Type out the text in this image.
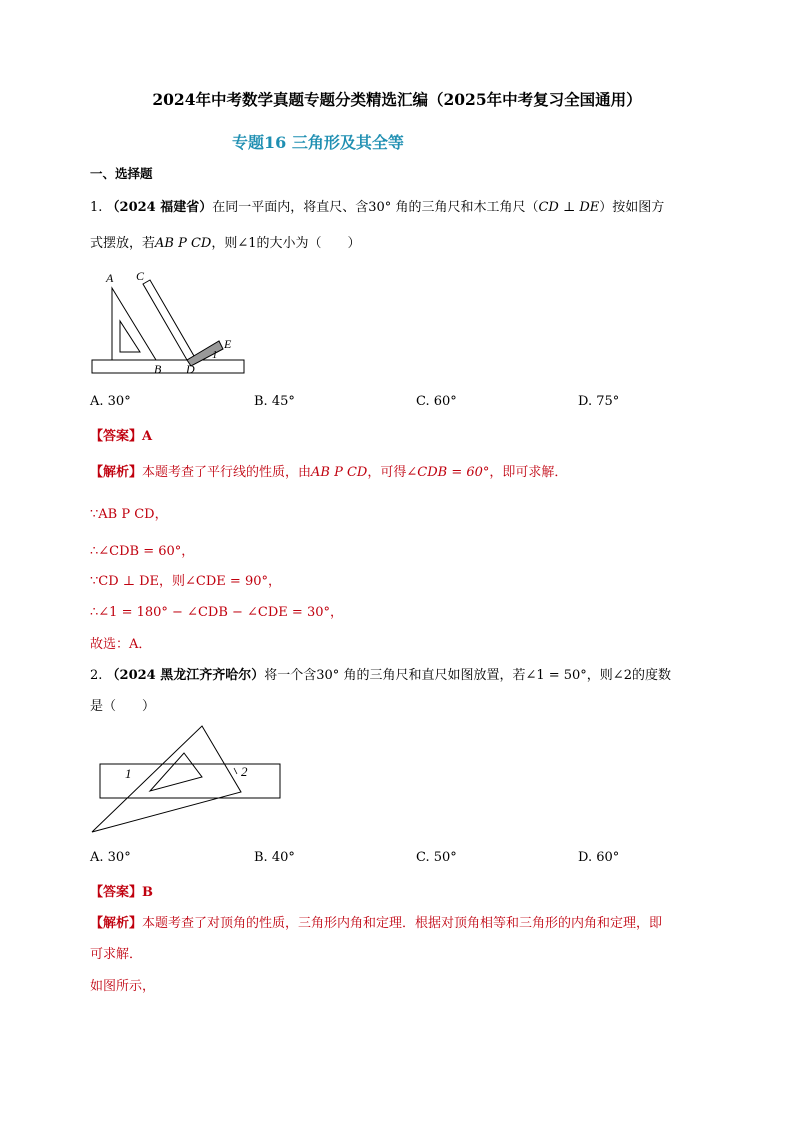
2024年中考数学真题专题分类精选汇编（2025年中考复习全国通用）
专题16 三角形及其全等
一、选择题
1. （2024 福建省）在同一平面内，将直尺、含30° 角的三角尺和木工角尺（CD ⊥ DE）按如图方
式摆放，若AB P CD，则∠1的大小为（　　）
A C
E
1
B D
A. 30°	B. 45°	C. 60°	D. 75°
【答案】A
【解析】本题考查了平行线的性质，由AB P CD，可得∠CDB = 60°，即可求解．
∵AB P CD，
∴∠CDB = 60°，
∵CD ⊥ DE，则∠CDE = 90°，
∴∠1 = 180° − ∠CDB − ∠CDE = 30°，
故选：A．
2. （2024 黑龙江齐齐哈尔）将一个含30° 角的三角尺和直尺如图放置，若∠1 = 50°，则∠2的度数
是（　　）
1	2
A. 30°	B. 40°	C. 50°	D. 60°
【答案】B
【解析】本题考查了对顶角的性质，三角形内角和定理．根据对顶角相等和三角形的内角和定理，即
可求解．
如图所示，
